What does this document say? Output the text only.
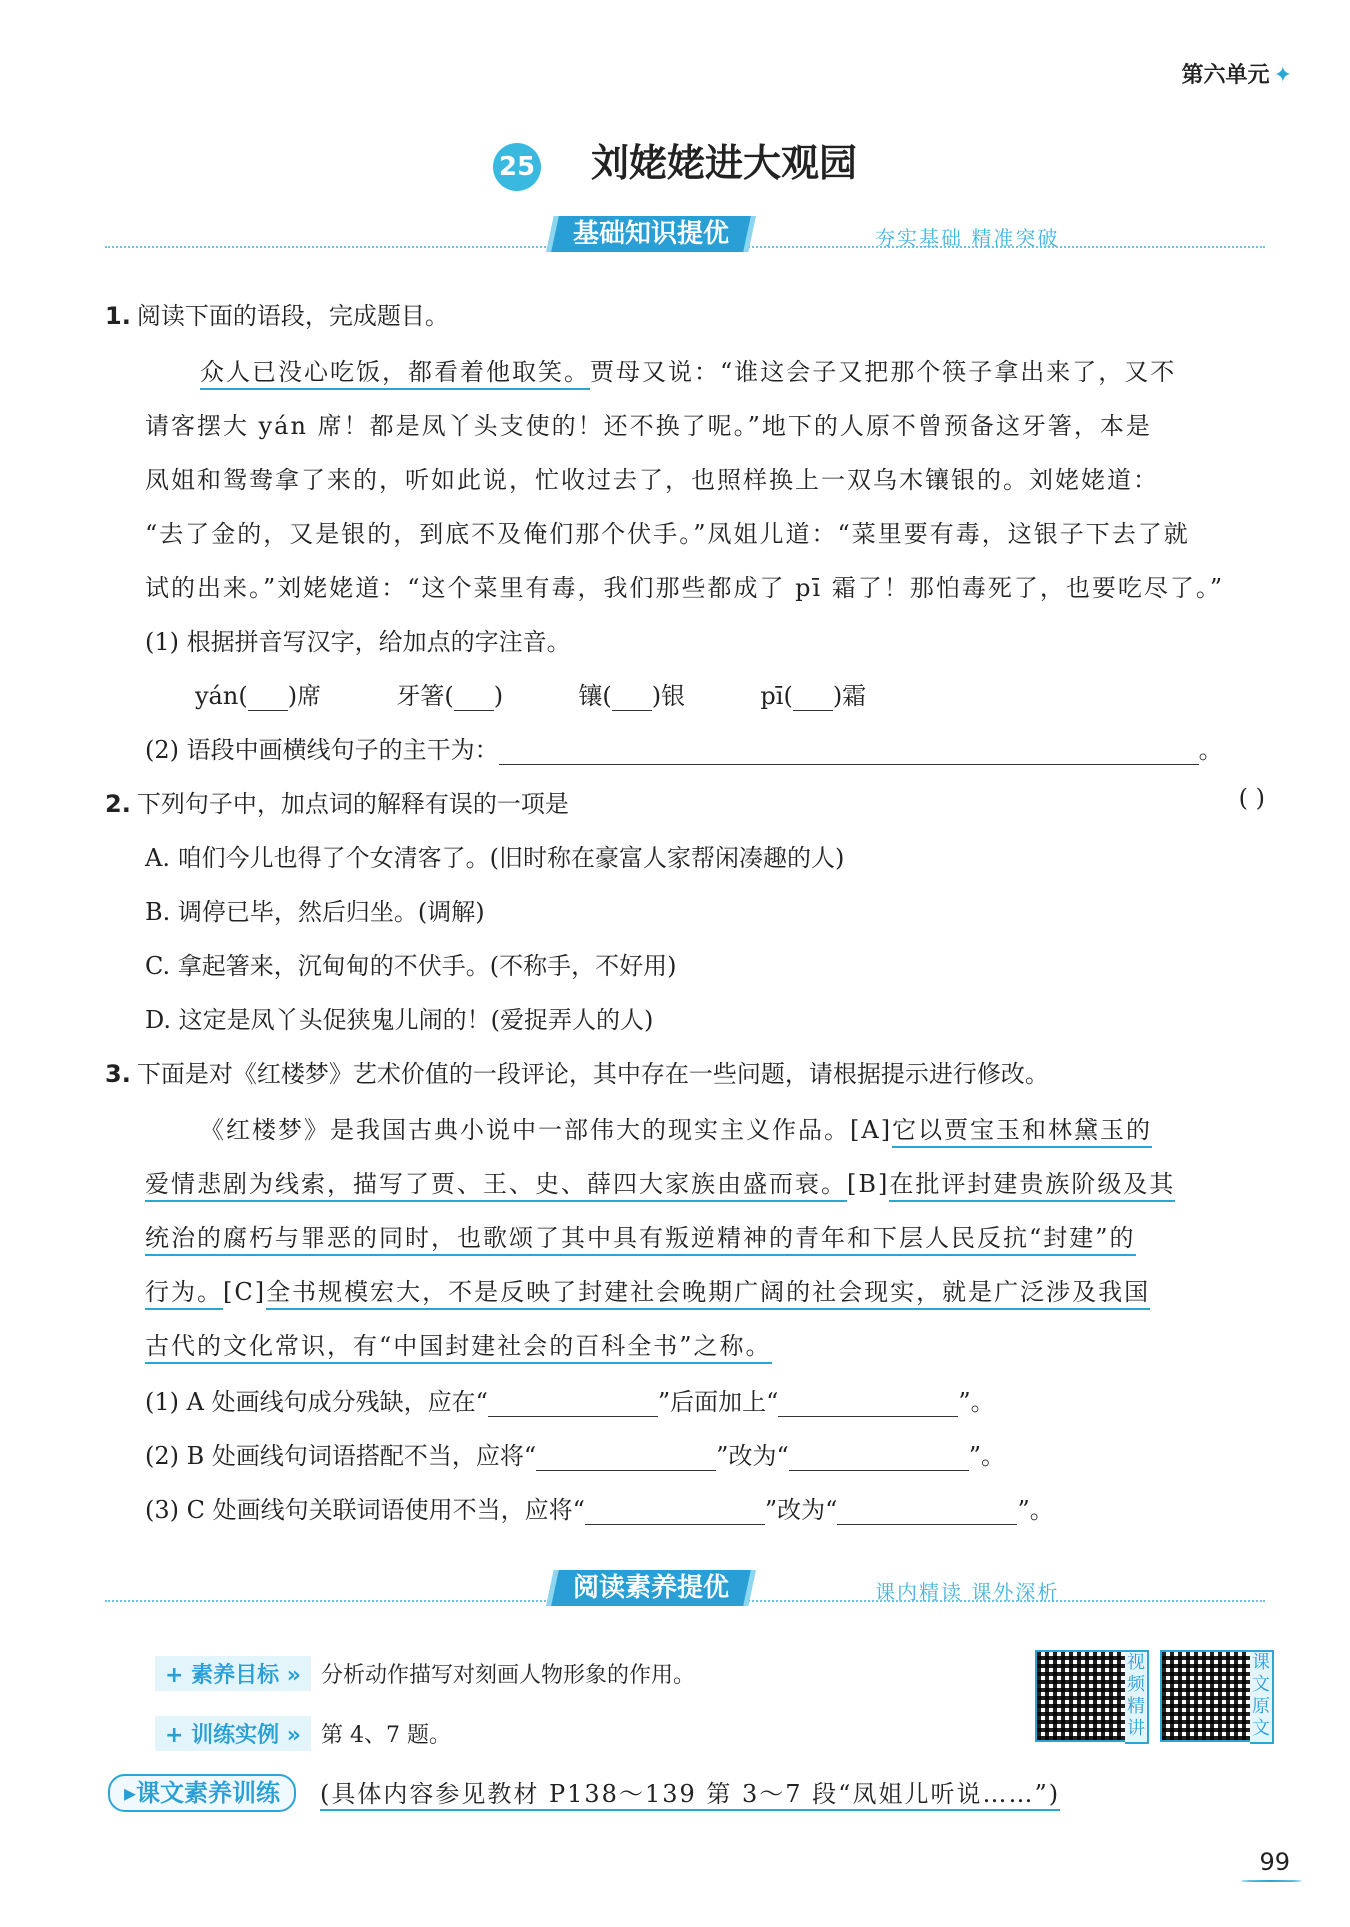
第六单元 ✦
25 刘姥姥进大观园
基础知识提优	夯实基础 精准突破
1. 阅读下面的语段，完成题目。
众人已没心吃饭，都看着他取笑。贾母又说：“谁这会子又把那个筷子拿出来了，又不
请客摆大 yán 席！都是凤丫头支使的！还不换了呢。”地下的人原不曾预备这牙箸，本是
凤姐和鸳鸯拿了来的，听如此说，忙收过去了，也照样换上一双乌木镶银的。刘姥姥道：
“去了金的，又是银的，到底不及俺们那个伏手。”凤姐儿道：“菜里要有毒，这银子下去了就
试的出来。”刘姥姥道：“这个菜里有毒，我们那些都成了 pī 霜了！那怕毒死了，也要吃尽了。”
(1) 根据拼音写汉字，给加点的字注音。
yán( )席	牙箸( )	镶( )银	pī( )霜
(2) 语段中画横线句子的主干为：	。
2. 下列句子中，加点词的解释有误的一项是	( )
A. 咱们今儿也得了个女清客了。(旧时称在豪富人家帮闲凑趣的人)
B. 调停已毕，然后归坐。(调解)
C. 拿起箸来，沉甸甸的不伏手。(不称手，不好用)
D. 这定是凤丫头促狭鬼儿闹的！(爱捉弄人的人)
3. 下面是对《红楼梦》艺术价值的一段评论，其中存在一些问题，请根据提示进行修改。
《红楼梦》是我国古典小说中一部伟大的现实主义作品。[A]它以贾宝玉和林黛玉的
爱情悲剧为线索，描写了贾、王、史、薛四大家族由盛而衰。[B]在批评封建贵族阶级及其
统治的腐朽与罪恶的同时，也歌颂了其中具有叛逆精神的青年和下层人民反抗“封建”的
行为。[C]全书规模宏大，不是反映了封建社会晚期广阔的社会现实，就是广泛涉及我国
古代的文化常识，有“中国封建社会的百科全书”之称。
(1) A 处画线句成分残缺，应在“	”后面加上“	”。
(2) B 处画线句词语搭配不当，应将“	”改为“	”。
(3) C 处画线句关联词语使用不当，应将“	”改为“	”。
阅读素养提优	课内精读 课外深析
+ 素养目标 » 分析动作描写对刻画人物形象的作用。
+ 训练实例 » 第 4、7 题。
视频精讲
课文原文
▸课文素养训练	(具体内容参见教材 P138～139 第 3～7 段“凤姐儿听说……”)
99
